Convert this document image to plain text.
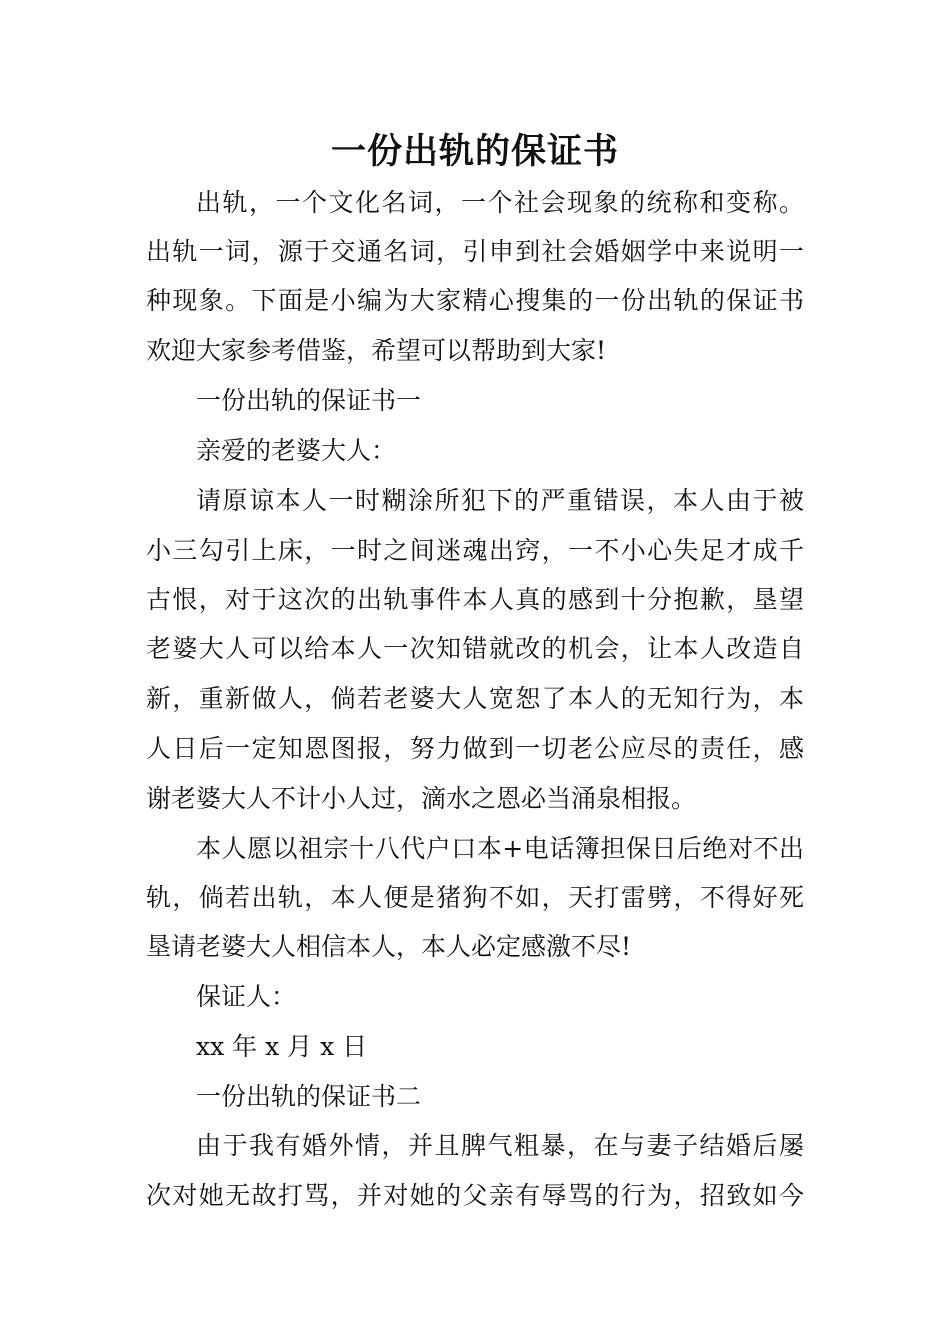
一份出轨的保证书
出轨，一个文化名词，一个社会现象的统称和变称。
出轨一词，源于交通名词，引申到社会婚姻学中来说明一
种现象。下面是小编为大家精心搜集的一份出轨的保证书
欢迎大家参考借鉴，希望可以帮助到大家!
一份出轨的保证书一
亲爱的老婆大人：
请原谅本人一时糊涂所犯下的严重错误，本人由于被
小三勾引上床，一时之间迷魂出窍，一不小心失足才成千
古恨，对于这次的出轨事件本人真的感到十分抱歉，垦望
老婆大人可以给本人一次知错就改的机会，让本人改造自
新，重新做人，倘若老婆大人宽恕了本人的无知行为，本
人日后一定知恩图报，努力做到一切老公应尽的责任，感
谢老婆大人不计小人过，滴水之恩必当涌泉相报。
本人愿以祖宗十八代户口本+电话簿担保日后绝对不出
轨，倘若出轨，本人便是猪狗不如，天打雷劈，不得好死
垦请老婆大人相信本人，本人必定感激不尽!
保证人：
xx 年 x 月 x 日
一份出轨的保证书二
由于我有婚外情，并且脾气粗暴，在与妻子结婚后屡
次对她无故打骂，并对她的父亲有辱骂的行为，招致如今
